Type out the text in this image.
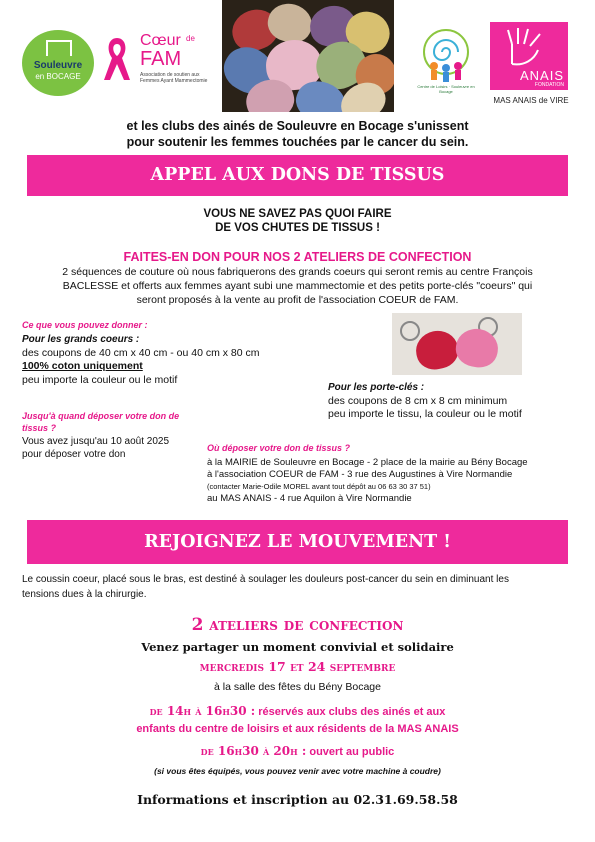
Souleuvre
en BOCAGE
Cœur de
FAM
Association de soutien aux Femmes Ayant Mammectomie
Centre de Loisirs · Souleuvre en Bocage
ANAIS
FONDATION
MAS ANAIS de VIRE
et les clubs des ainés de Souleuvre en Bocage s'unissent
pour soutenir les femmes touchées par le cancer du sein.
APPEL AUX DONS DE TISSUS
VOUS NE SAVEZ PAS QUOI FAIRE
DE VOS CHUTES DE TISSUS !
FAITES-EN DON POUR NOS 2 ATELIERS DE CONFECTION
2 séquences de couture où nous fabriquerons des grands coeurs qui seront remis au centre François
BACLESSE et offerts aux femmes ayant subi une mammectomie et des petits porte-clés "coeurs" qui
seront proposés à la vente au profit de l'association COEUR de FAM.
Ce que vous pouvez donner :
Pour les grands coeurs :
des coupons de 40 cm x 40 cm - ou 40 cm x 80 cm
100% coton uniquement
peu importe la couleur ou le motif
Pour les porte-clés :
des coupons de 8 cm x 8 cm minimum
peu importe le tissu, la couleur ou le motif
Jusqu'à quand déposer votre don de
tissus ?
Vous avez jusqu'au 10 août 2025
pour déposer votre don
Où déposer votre don de tissus ?
à la MAIRIE de Souleuvre en Bocage - 2 place de la mairie au Bény Bocage
à l'association COEUR de FAM - 3 rue des Augustines à Vire Normandie
(contacter Marie-Odile MOREL avant tout dépôt au 06 63 30 37 51)
au MAS ANAIS - 4 rue Aquilon à Vire Normandie
REJOIGNEZ LE MOUVEMENT !
Le coussin coeur, placé sous le bras, est destiné à soulager les douleurs post-cancer du sein en diminuant les
tensions dues à la chirurgie.
2 ateliers de confection
Venez partager un moment convivial et solidaire
mercredis 17 et 24 septembre
à la salle des fêtes du Bény Bocage
de 14h à 16h30 : réservés aux clubs des ainés et aux
enfants du centre de loisirs et aux résidents de la MAS ANAIS
de 16h30 à 20h : ouvert au public
(si vous êtes équipés, vous pouvez venir avec votre machine à coudre)
Informations et inscription au 02.31.69.58.58
